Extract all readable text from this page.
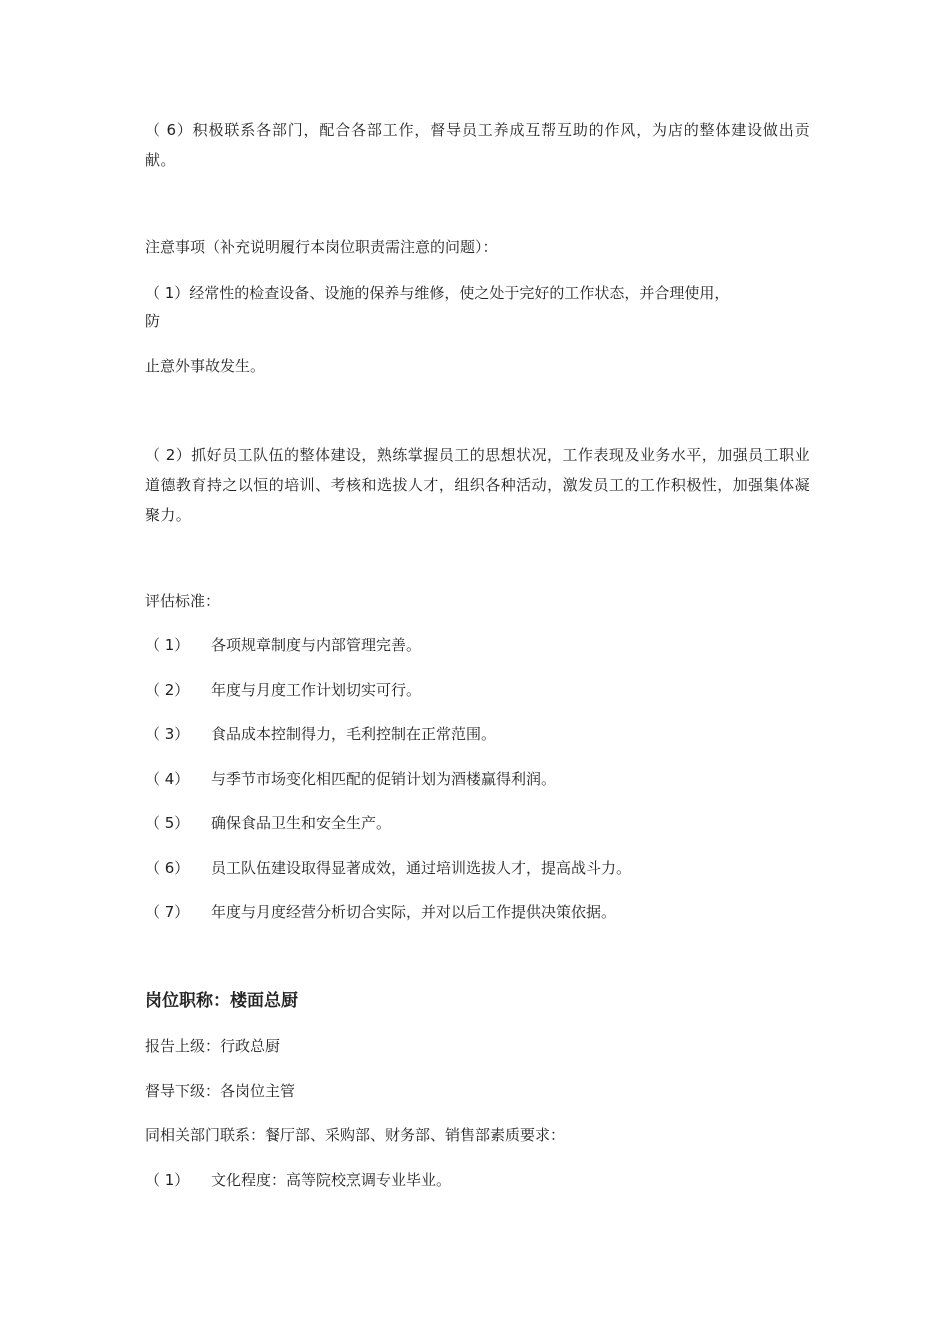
（ 6）积极联系各部门，配合各部工作，督导员工养成互帮互助的作风，为店的整体建设做出贡献。
注意事项（补充说明履行本岗位职责需注意的问题）：
（ 1）经常性的检查设备、设施的保养与维修，使之处于完好的工作状态，并合理使用，
防
止意外事故发生。
（ 2）抓好员工队伍的整体建设，熟练掌握员工的思想状况，工作表现及业务水平，加强员工职业道德教育持之以恒的培训、考核和选拔人才，组织各种活动，激发员工的工作积极性，加强集体凝聚力。
评估标准：
（ 1） 各项规章制度与内部管理完善。
（ 2） 年度与月度工作计划切实可行。
（ 3） 食品成本控制得力，毛利控制在正常范围。
（ 4） 与季节市场变化相匹配的促销计划为酒楼赢得利润。
（ 5） 确保食品卫生和安全生产。
（ 6） 员工队伍建设取得显著成效，通过培训选拔人才，提高战斗力。
（ 7） 年度与月度经营分析切合实际，并对以后工作提供决策依据。
岗位职称：楼面总厨
报告上级：行政总厨
督导下级：各岗位主管
同相关部门联系：餐厅部、采购部、财务部、销售部素质要求：
（ 1） 文化程度：高等院校烹调专业毕业。
